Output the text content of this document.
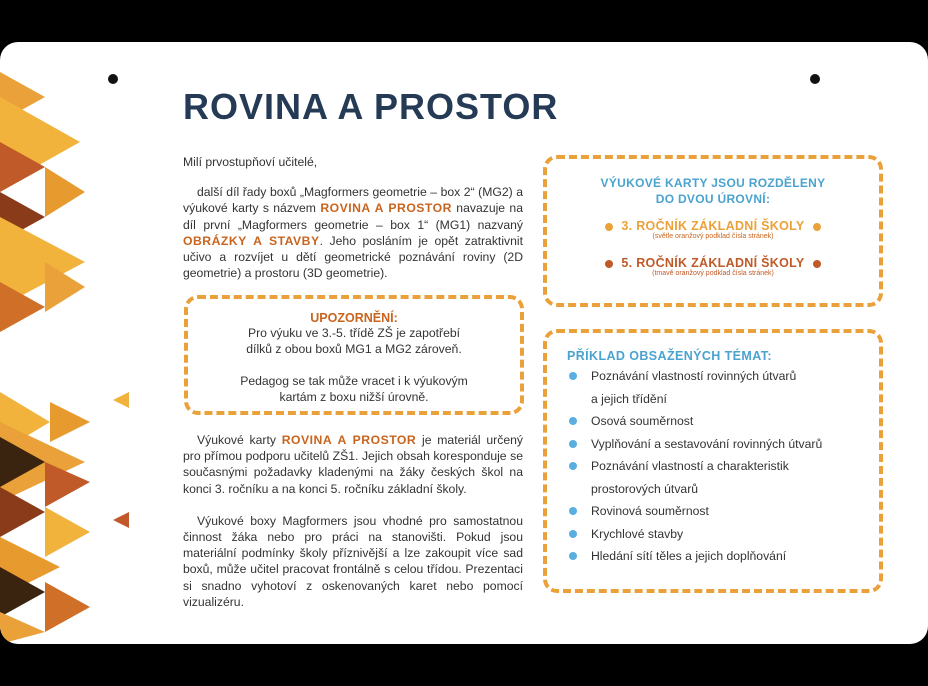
ROVINA A PROSTOR

Milí prvostupňoví učitelé,

další díl řady boxů „Magformers geometrie – box 2“ (MG2) a výukové karty s názvem ROVINA A PROSTOR navazuje na díl první „Magformers geometrie – box 1“ (MG1) nazvaný OBRÁZKY A STAVBY. Jeho posláním je opět zatraktivnit učivo a rozvíjet u dětí geometrické poznávání roviny (2D geometrie) a prostoru (3D geometrie).

UPOZORNĚNÍ:
Pro výuku ve 3.-5. třídě ZŠ je zapotřebí
dílků z obou boxů MG1 a MG2 zároveň.
Pedagog se tak může vracet i k výukovým
kartám z boxu nižší úrovně.

Výukové karty ROVINA A PROSTOR je materiál určený pro přímou podporu učitelů ZŠ1. Jejich obsah koresponduje se současnými požadavky kladenými na žáky českých škol na konci 3. ročníku a na konci 5. ročníku základní školy.

Výukové boxy Magformers jsou vhodné pro samostatnou činnost žáka nebo pro práci na stanovišti. Pokud jsou materiální podmínky školy příznivější a lze zakoupit více sad boxů, může učitel pracovat frontálně s celou třídou. Prezentaci si snadno vyhotoví z oskenovaných karet nebo pomocí vizualizéru.

VÝUKOVÉ KARTY JSOU ROZDĚLENY
DO DVOU ÚROVNÍ:
3. ROČNÍK ZÁKLADNÍ ŠKOLY
(světle oranžový podklad čísla stránek)
5. ROČNÍK ZÁKLADNÍ ŠKOLY
(tmavě oranžový podklad čísla stránek)
PŘÍKLAD OBSAŽENÝCH TÉMAT:
Poznávání vlastností rovinných útvarů
a jejich třídění
Osová souměrnost
Vyplňování a sestavování rovinných útvarů
Poznávání vlastností a charakteristik
prostorových útvarů
Rovinová souměrnost
Krychlové stavby
Hledání sítí těles a jejich doplňování
